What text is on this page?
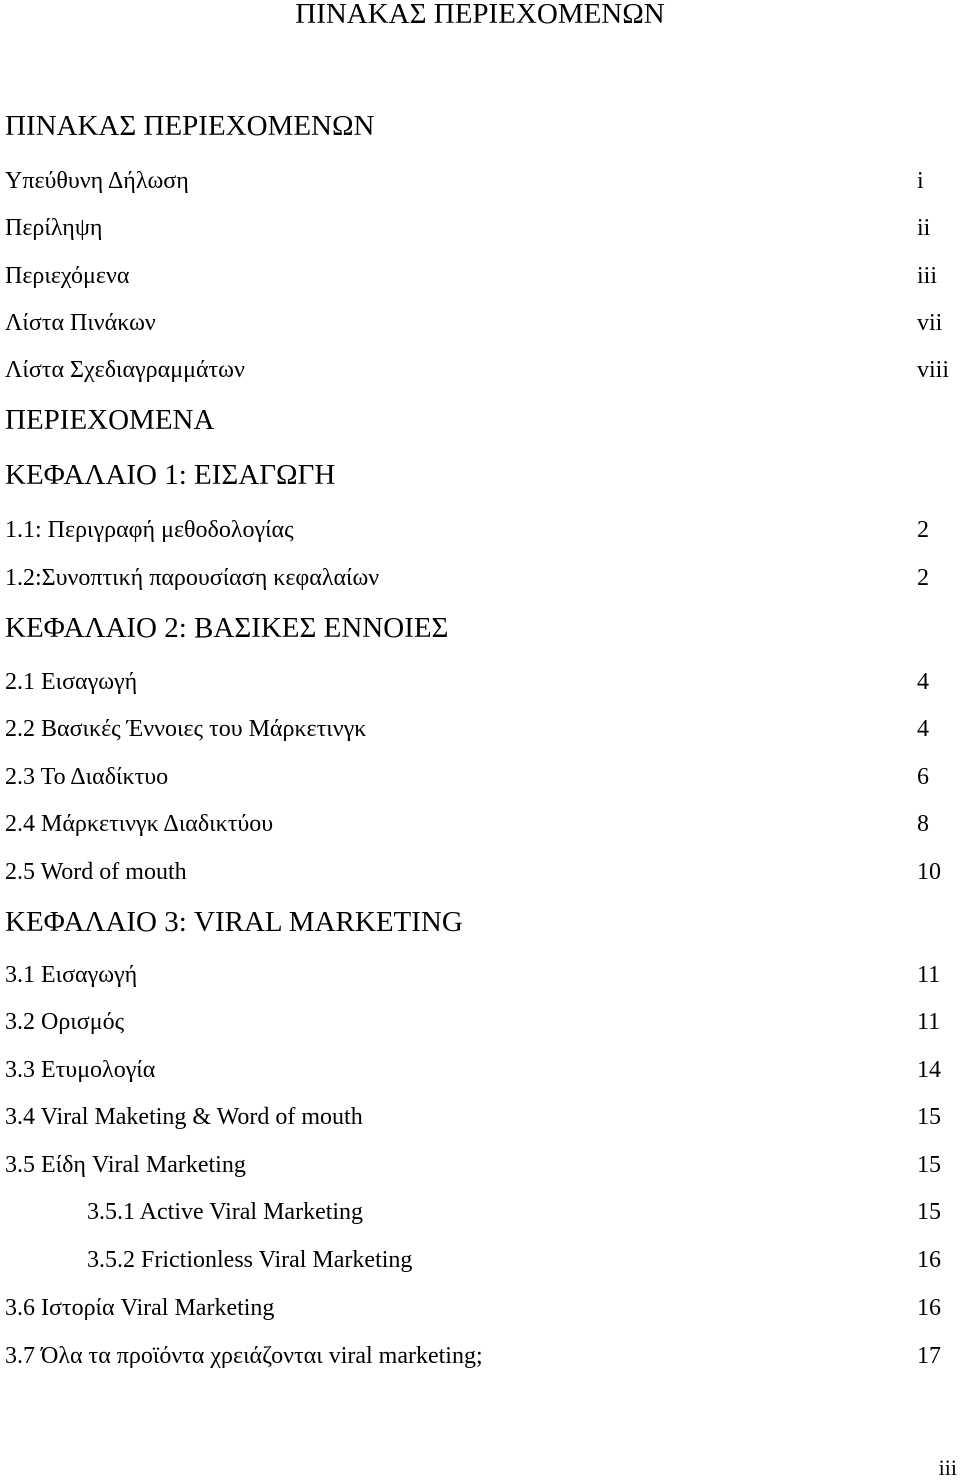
ΠΙΝΑΚΑΣ ΠΕΡΙΕΧΟΜΕΝΩΝ
ΠΙΝΑΚΑΣ ΠΕΡΙΕΧΟΜΕΝΩΝ
Υπεύθυνη Δήλωση	i
Περίληψη	ii
Περιεχόμενα	iii
Λίστα Πινάκων	vii
Λίστα Σχεδιαγραμμάτων	viii
ΠΕΡΙΕΧΟΜΕΝΑ
ΚΕΦΑΛΑΙΟ 1: ΕΙΣΑΓΩΓΗ
1.1: Περιγραφή μεθοδολογίας	2
1.2:Συνοπτική παρουσίαση κεφαλαίων	2
ΚΕΦΑΛΑΙΟ 2: ΒΑΣΙΚΕΣ ΕΝΝΟΙΕΣ
2.1 Εισαγωγή	4
2.2 Βασικές Έννοιες του Μάρκετινγκ	4
2.3 Το Διαδίκτυο	6
2.4 Μάρκετινγκ Διαδικτύου	8
2.5 Word of mouth	10
ΚΕΦΑΛΑΙΟ 3: VIRAL MARKETING
3.1 Εισαγωγή	11
3.2 Ορισμός	11
3.3 Ετυμολογία	14
3.4 Viral Maketing & Word of mouth	15
3.5 Είδη Viral Marketing	15
3.5.1 Active Viral Marketing	15
3.5.2 Frictionless Viral Marketing	16
3.6 Ιστορία Viral Marketing	16
3.7 Όλα τα προϊόντα χρειάζονται viral marketing;	17
iii
